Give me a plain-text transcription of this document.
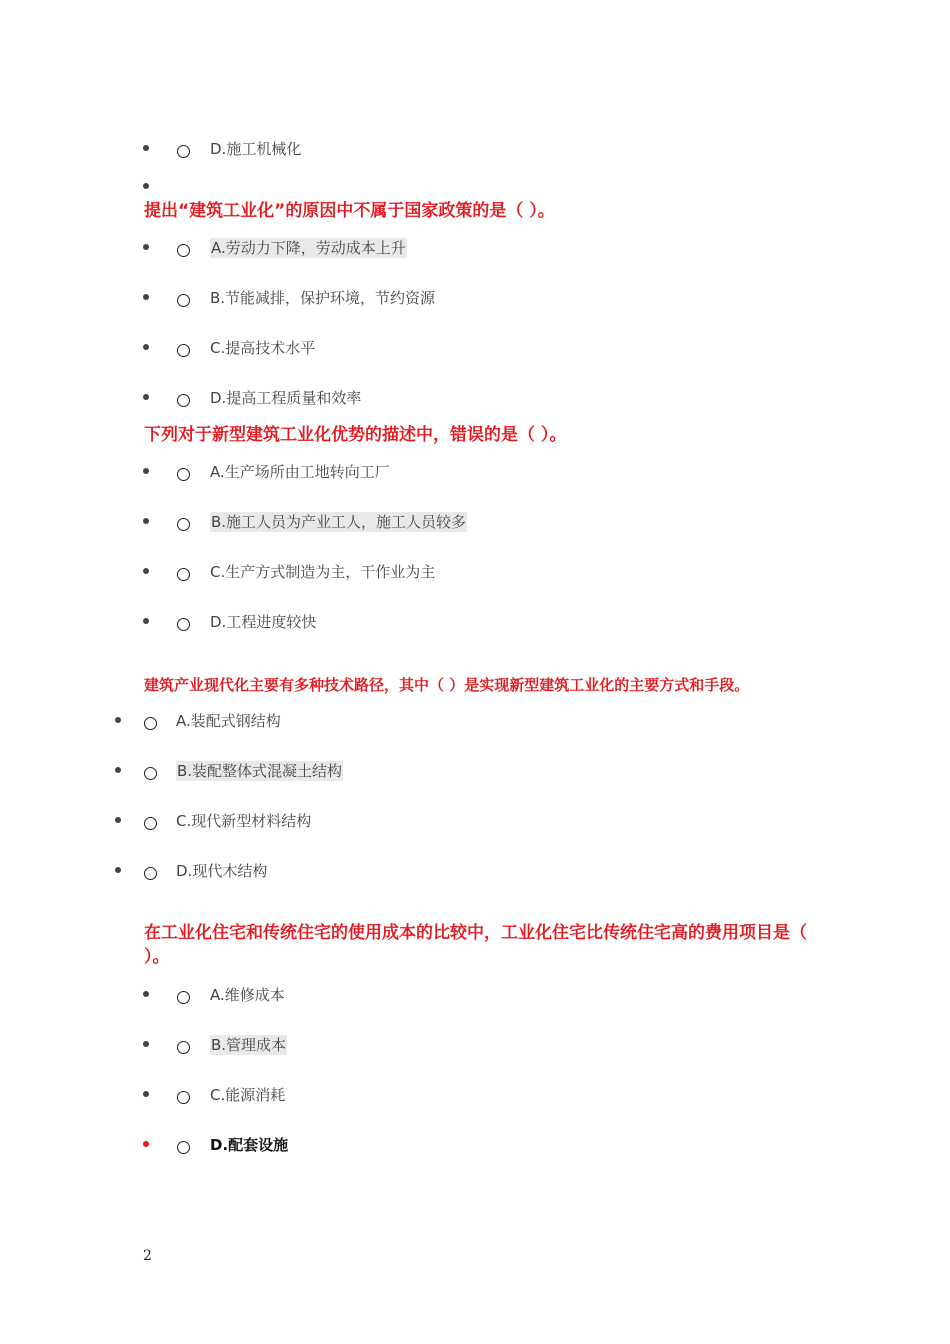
D.施工机械化
提出“建筑工业化”的原因中不属于国家政策的是（ ）。
A.劳动力下降，劳动成本上升
B.节能减排，保护环境，节约资源
C.提高技术水平
D.提高工程质量和效率
下列对于新型建筑工业化优势的描述中，错误的是（ ）。
A.生产场所由工地转向工厂
B.施工人员为产业工人，施工人员较多
C.生产方式制造为主，干作业为主
D.工程进度较快
建筑产业现代化主要有多种技术路径，其中（ ）是实现新型建筑工业化的主要方式和手段。
A.装配式钢结构
B.装配整体式混凝土结构
C.现代新型材料结构
D.现代木结构
在工业化住宅和传统住宅的使用成本的比较中，工业化住宅比传统住宅高的费用项目是（ ）。
A.维修成本
B.管理成本
C.能源消耗
D.配套设施
2
